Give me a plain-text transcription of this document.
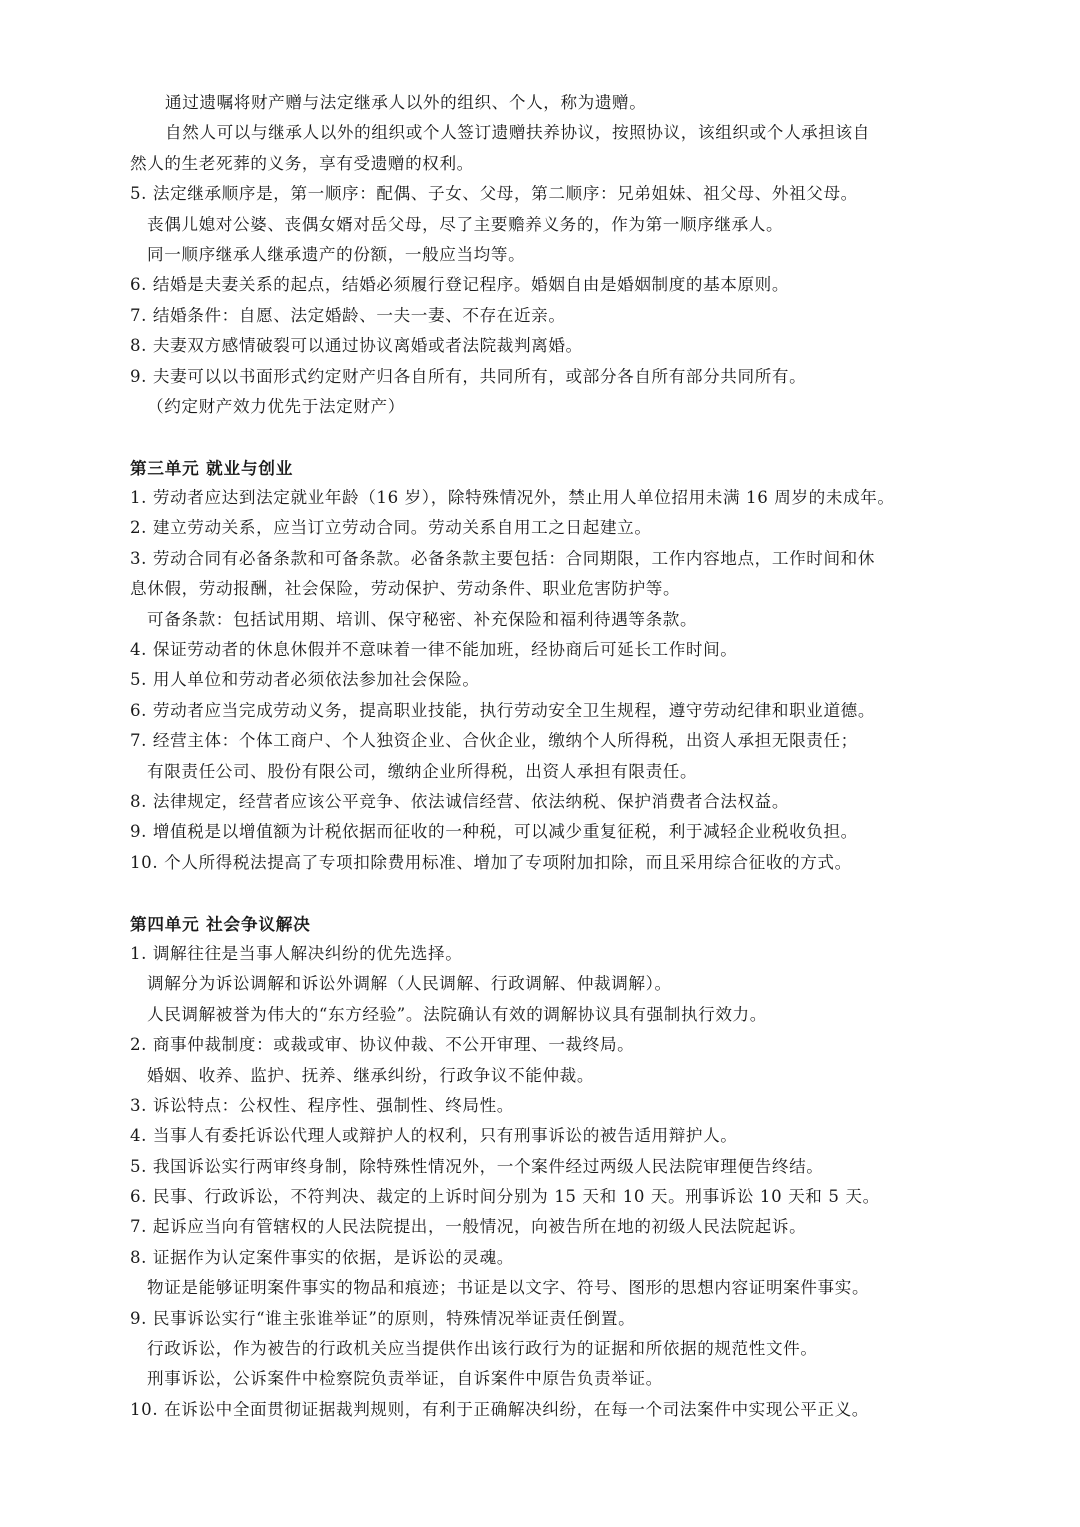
通过遗嘱将财产赠与法定继承人以外的组织、个人，称为遗赠。
自然人可以与继承人以外的组织或个人签订遗赠扶养协议，按照协议，该组织或个人承担该自
然人的生老死葬的义务，享有受遗赠的权利。
5. 法定继承顺序是，第一顺序：配偶、子女、父母，第二顺序：兄弟姐妹、祖父母、外祖父母。
丧偶儿媳对公婆、丧偶女婿对岳父母，尽了主要赡养义务的，作为第一顺序继承人。
同一顺序继承人继承遗产的份额，一般应当均等。
6. 结婚是夫妻关系的起点，结婚必须履行登记程序。婚姻自由是婚姻制度的基本原则。
7. 结婚条件：自愿、法定婚龄、一夫一妻、不存在近亲。
8. 夫妻双方感情破裂可以通过协议离婚或者法院裁判离婚。
9. 夫妻可以以书面形式约定财产归各自所有，共同所有，或部分各自所有部分共同所有。
（约定财产效力优先于法定财产）
第三单元 就业与创业
1. 劳动者应达到法定就业年龄（16 岁），除特殊情况外，禁止用人单位招用未满 16 周岁的未成年。
2. 建立劳动关系，应当订立劳动合同。劳动关系自用工之日起建立。
3. 劳动合同有必备条款和可备条款。必备条款主要包括：合同期限，工作内容地点，工作时间和休
息休假，劳动报酬，社会保险，劳动保护、劳动条件、职业危害防护等。
可备条款：包括试用期、培训、保守秘密、补充保险和福利待遇等条款。
4. 保证劳动者的休息休假并不意味着一律不能加班，经协商后可延长工作时间。
5. 用人单位和劳动者必须依法参加社会保险。
6. 劳动者应当完成劳动义务，提高职业技能，执行劳动安全卫生规程，遵守劳动纪律和职业道德。
7. 经营主体：个体工商户、个人独资企业、合伙企业，缴纳个人所得税，出资人承担无限责任；
有限责任公司、股份有限公司，缴纳企业所得税，出资人承担有限责任。
8. 法律规定，经营者应该公平竞争、依法诚信经营、依法纳税、保护消费者合法权益。
9. 增值税是以增值额为计税依据而征收的一种税，可以减少重复征税，利于减轻企业税收负担。
10. 个人所得税法提高了专项扣除费用标准、增加了专项附加扣除，而且采用综合征收的方式。
第四单元 社会争议解决
1. 调解往往是当事人解决纠纷的优先选择。
调解分为诉讼调解和诉讼外调解（人民调解、行政调解、仲裁调解）。
人民调解被誉为伟大的“东方经验”。法院确认有效的调解协议具有强制执行效力。
2. 商事仲裁制度：或裁或审、协议仲裁、不公开审理、一裁终局。
婚姻、收养、监护、抚养、继承纠纷，行政争议不能仲裁。
3. 诉讼特点：公权性、程序性、强制性、终局性。
4. 当事人有委托诉讼代理人或辩护人的权利，只有刑事诉讼的被告适用辩护人。
5. 我国诉讼实行两审终身制，除特殊性情况外，一个案件经过两级人民法院审理便告终结。
6. 民事、行政诉讼，不符判决、裁定的上诉时间分别为 15 天和 10 天。刑事诉讼 10 天和 5 天。
7. 起诉应当向有管辖权的人民法院提出，一般情况，向被告所在地的初级人民法院起诉。
8. 证据作为认定案件事实的依据，是诉讼的灵魂。
物证是能够证明案件事实的物品和痕迹；书证是以文字、符号、图形的思想内容证明案件事实。
9. 民事诉讼实行“谁主张谁举证”的原则，特殊情况举证责任倒置。
行政诉讼，作为被告的行政机关应当提供作出该行政行为的证据和所依据的规范性文件。
刑事诉讼，公诉案件中检察院负责举证，自诉案件中原告负责举证。
10. 在诉讼中全面贯彻证据裁判规则，有利于正确解决纠纷，在每一个司法案件中实现公平正义。
